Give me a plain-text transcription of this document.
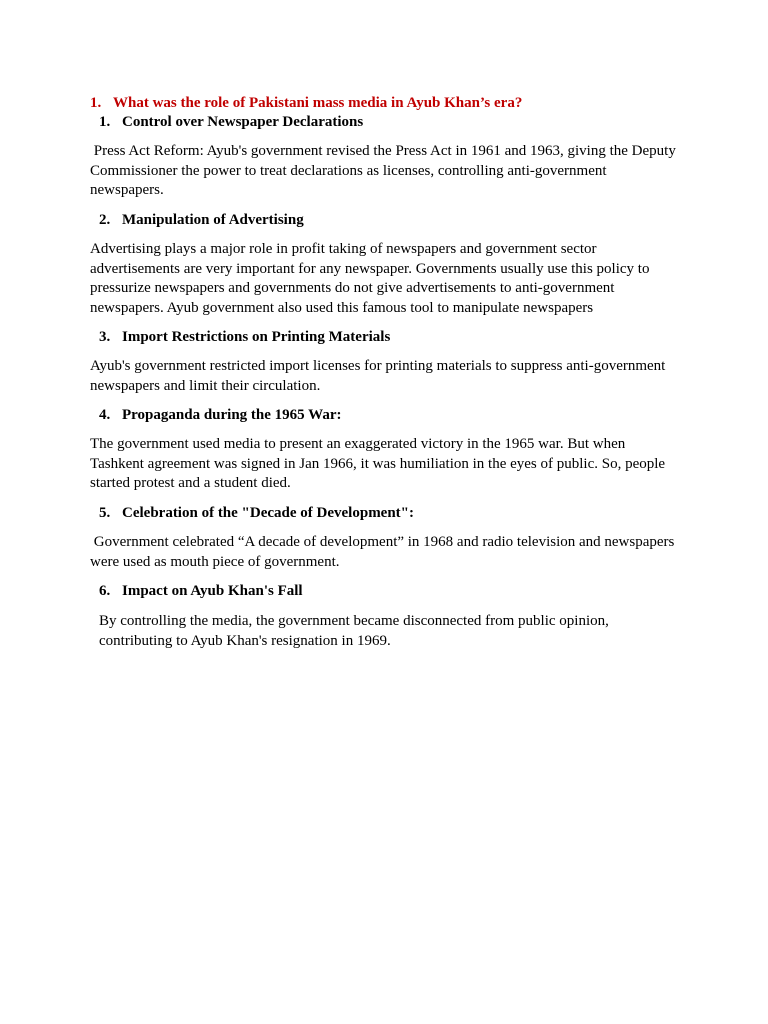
1. What was the role of Pakistani mass media in Ayub Khan’s era?
1. Control over Newspaper Declarations
Press Act Reform: Ayub's government revised the Press Act in 1961 and 1963, giving the Deputy Commissioner the power to treat declarations as licenses, controlling anti-government newspapers.
2. Manipulation of Advertising
Advertising plays a major role in profit taking of newspapers and government sector advertisements are very important for any newspaper. Governments usually use this policy to pressurize newspapers and governments do not give advertisements to anti-government newspapers. Ayub government also used this famous tool to manipulate newspapers
3. Import Restrictions on Printing Materials
Ayub's government restricted import licenses for printing materials to suppress anti-government newspapers and limit their circulation.
4. Propaganda during the 1965 War:
The government used media to present an exaggerated victory in the 1965 war. But when Tashkent agreement was signed in Jan 1966, it was humiliation in the eyes of public. So, people started protest and a student died.
5. Celebration of the "Decade of Development":
Government celebrated “A decade of development” in 1968 and radio television and newspapers were used as mouth piece of government.
6. Impact on Ayub Khan's Fall
By controlling the media, the government became disconnected from public opinion, contributing to Ayub Khan's resignation in 1969.
